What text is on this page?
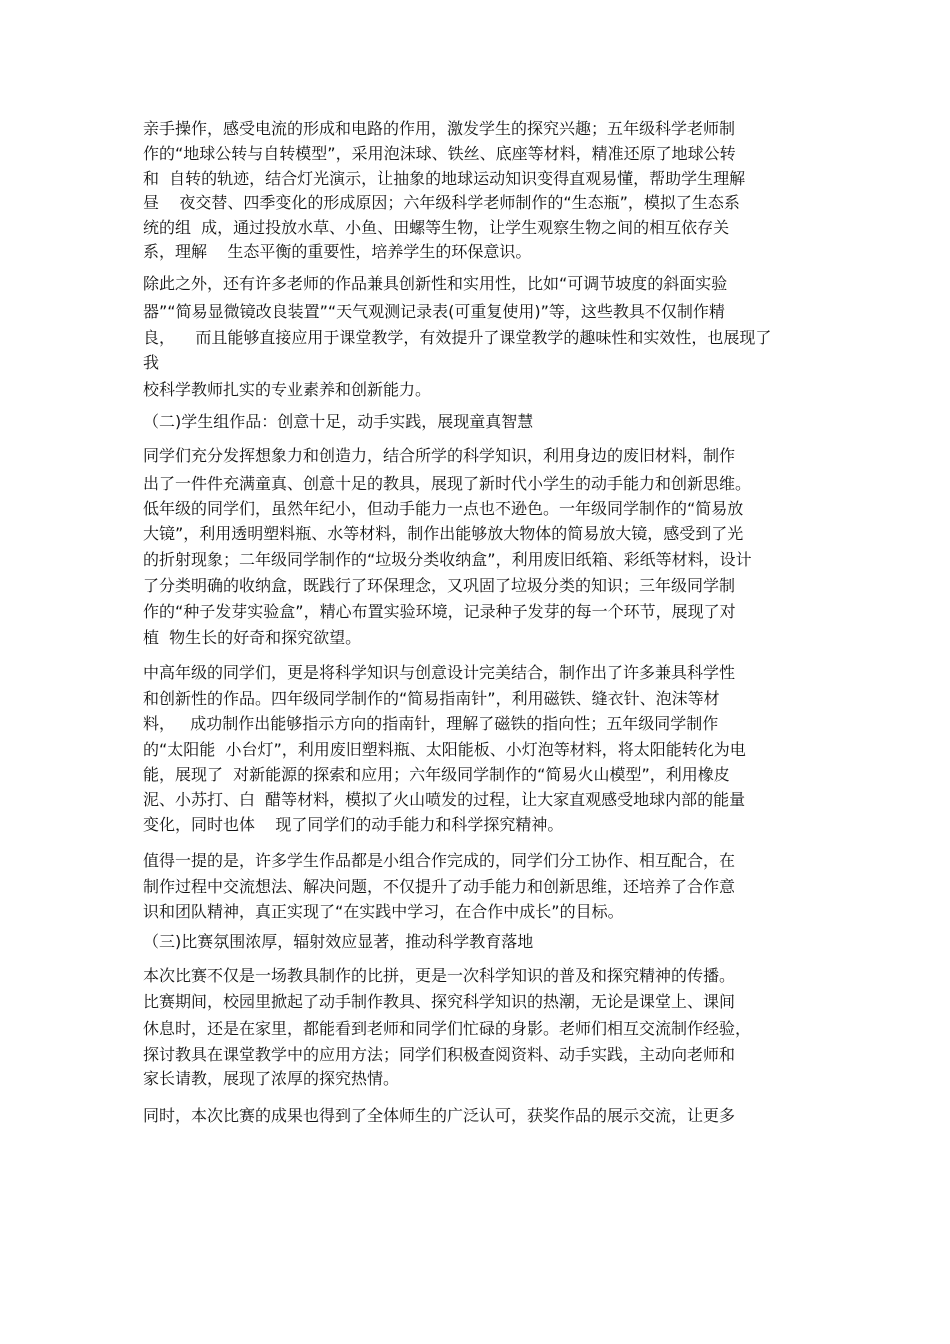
亲手操作，感受电流的形成和电路的作用，激发学生的探究兴趣；五年级科学老师制
作的“地球公转与自转模型”，采用泡沫球、铁丝、底座等材料，精准还原了地球公转
和  自转的轨迹，结合灯光演示，让抽象的地球运动知识变得直观易懂，帮助学生理解
昼    夜交替、四季变化的形成原因；六年级科学老师制作的“生态瓶”，模拟了生态系
统的组  成，通过投放水草、小鱼、田螺等生物，让学生观察生物之间的相互依存关
系，理解    生态平衡的重要性，培养学生的环保意识。
除此之外，还有许多老师的作品兼具创新性和实用性，比如“可调节坡度的斜面实验
器”“简易显微镜改良装置”“天气观测记录表(可重复使用)”等，这些教具不仅制作精
良，    而且能够直接应用于课堂教学，有效提升了课堂教学的趣味性和实效性，也展现了
我
校科学教师扎实的专业素养和创新能力。
（二)学生组作品：创意十足，动手实践，展现童真智慧
同学们充分发挥想象力和创造力，结合所学的科学知识，利用身边的废旧材料，制作
出了一件件充满童真、创意十足的教具，展现了新时代小学生的动手能力和创新思维。
低年级的同学们，虽然年纪小，但动手能力一点也不逊色。一年级同学制作的“简易放
大镜”，利用透明塑料瓶、水等材料，制作出能够放大物体的简易放大镜，感受到了光
的折射现象；二年级同学制作的“垃圾分类收纳盒”，利用废旧纸箱、彩纸等材料，设计
了分类明确的收纳盒，既践行了环保理念，又巩固了垃圾分类的知识；三年级同学制
作的“种子发芽实验盒”，精心布置实验环境，记录种子发芽的每一个环节，展现了对
植  物生长的好奇和探究欲望。
中高年级的同学们，更是将科学知识与创意设计完美结合，制作出了许多兼具科学性
和创新性的作品。四年级同学制作的“简易指南针”，利用磁铁、缝衣针、泡沫等材
料，   成功制作出能够指示方向的指南针，理解了磁铁的指向性；五年级同学制作
的“太阳能  小台灯”，利用废旧塑料瓶、太阳能板、小灯泡等材料，将太阳能转化为电
能，展现了  对新能源的探索和应用；六年级同学制作的“简易火山模型”，利用橡皮
泥、小苏打、白  醋等材料，模拟了火山喷发的过程，让大家直观感受地球内部的能量
变化，同时也体    现了同学们的动手能力和科学探究精神。
值得一提的是，许多学生作品都是小组合作完成的，同学们分工协作、相互配合，在
制作过程中交流想法、解决问题，不仅提升了动手能力和创新思维，还培养了合作意
识和团队精神，真正实现了“在实践中学习，在合作中成长”的目标。
（三)比赛氛围浓厚，辐射效应显著，推动科学教育落地
本次比赛不仅是一场教具制作的比拼，更是一次科学知识的普及和探究精神的传播。
比赛期间，校园里掀起了动手制作教具、探究科学知识的热潮，无论是课堂上、课间
休息时，还是在家里，都能看到老师和同学们忙碌的身影。老师们相互交流制作经验，
探讨教具在课堂教学中的应用方法；同学们积极查阅资料、动手实践，主动向老师和
家长请教，展现了浓厚的探究热情。
同时，本次比赛的成果也得到了全体师生的广泛认可，获奖作品的展示交流，让更多
